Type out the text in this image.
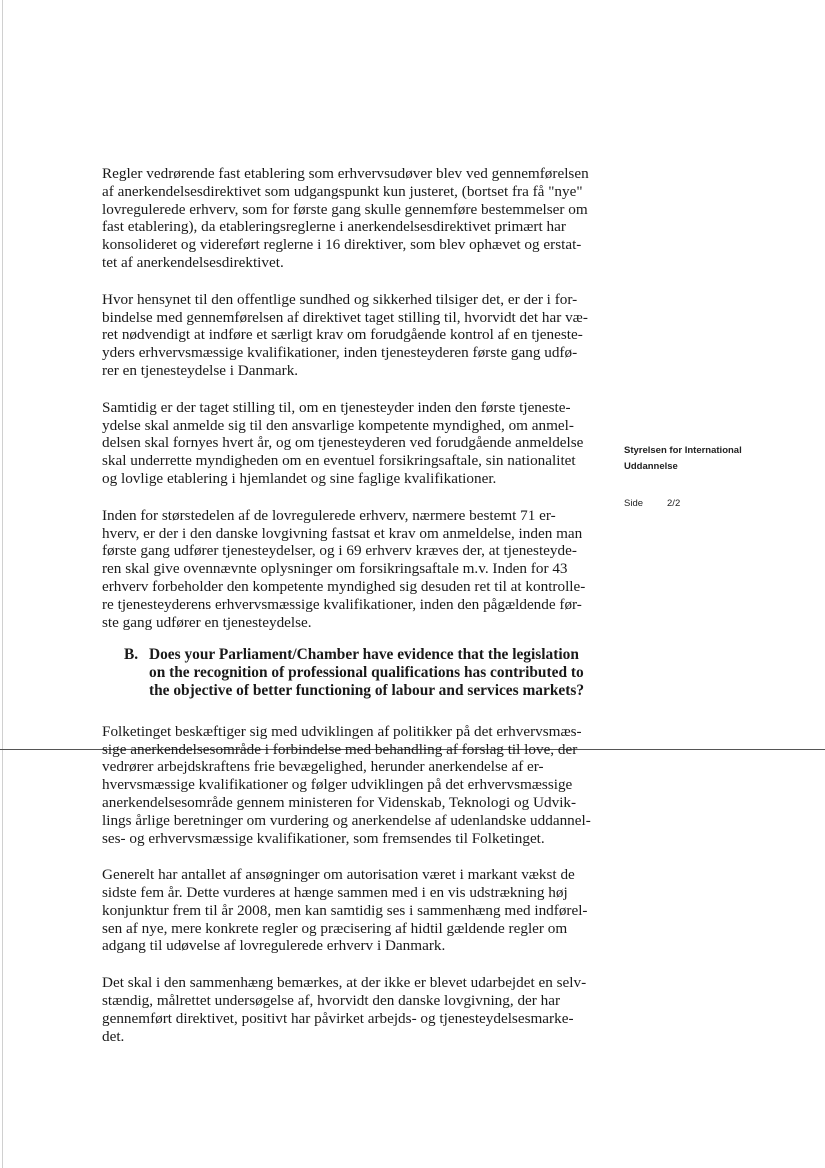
Regler vedrørende fast etablering som erhvervsudøver blev ved gennemførelsen
af anerkendelsesdirektivet som udgangspunkt kun justeret, (bortset fra få "nye"
lovregulerede erhverv, som for første gang skulle gennemføre bestemmelser om
fast etablering), da etableringsreglerne i anerkendelsesdirektivet primært har
konsolideret og videreført reglerne i 16 direktiver, som blev ophævet og erstat-
tet af anerkendelsesdirektivet.

Hvor hensynet til den offentlige sundhed og sikkerhed tilsiger det, er der i for-
bindelse med gennemførelsen af direktivet taget stilling til, hvorvidt det har væ-
ret nødvendigt at indføre et særligt krav om forudgående kontrol af en tjeneste-
yders erhvervsmæssige kvalifikationer, inden tjenesteyderen første gang udfø-
rer en tjenesteydelse i Danmark.

Samtidig er der taget stilling til, om en tjenesteyder inden den første tjeneste-
ydelse skal anmelde sig til den ansvarlige kompetente myndighed, om anmel-
delsen skal fornyes hvert år, og om tjenesteyderen ved forudgående anmeldelse
skal underrette myndigheden om en eventuel forsikringsaftale, sin nationalitet
og lovlige etablering i hjemlandet og sine faglige kvalifikationer.

Inden for størstedelen af de lovregulerede erhverv, nærmere bestemt 71 er-
hverv, er der i den danske lovgivning fastsat et krav om anmeldelse, inden man
første gang udfører tjenesteydelser, og i 69 erhverv kræves der, at tjenesteyde-
ren skal give ovennævnte oplysninger om forsikringsaftale m.v. Inden for 43
erhverv forbeholder den kompetente myndighed sig desuden ret til at kontrolle-
re tjenesteyderens erhvervsmæssige kvalifikationer, inden den pågældende før-
ste gang udfører en tjenesteydelse.

B. Does your Parliament/Chamber have evidence that the legislation
on the recognition of professional qualifications has contributed to
the objective of better functioning of labour and services markets?

Folketinget beskæftiger sig med udviklingen af politikker på det erhvervsmæs-
sige anerkendelsesområde i forbindelse med behandling af forslag til love, der
vedrører arbejdskraftens frie bevægelighed, herunder anerkendelse af er-
hvervsmæssige kvalifikationer og følger udviklingen på det erhvervsmæssige
anerkendelsesområde gennem ministeren for Videnskab, Teknologi og Udvik-
lings årlige beretninger om vurdering og anerkendelse af udenlandske uddannel-
ses- og erhvervsmæssige kvalifikationer, som fremsendes til Folketinget.

Generelt har antallet af ansøgninger om autorisation været i markant vækst de
sidste fem år. Dette vurderes at hænge sammen med i en vis udstrækning høj
konjunktur frem til år 2008, men kan samtidig ses i sammenhæng med indførel-
sen af nye, mere konkrete regler og præcisering af hidtil gældende regler om
adgang til udøvelse af lovregulerede erhverv i Danmark.

Det skal i den sammenhæng bemærkes, at der ikke er blevet udarbejdet en selv-
stændig, målrettet undersøgelse af, hvorvidt den danske lovgivning, der har
gennemført direktivet, positivt har påvirket arbejds- og tjenesteydelsesmarke-
det.

Styrelsen for International
Uddannelse
Side	2/2
